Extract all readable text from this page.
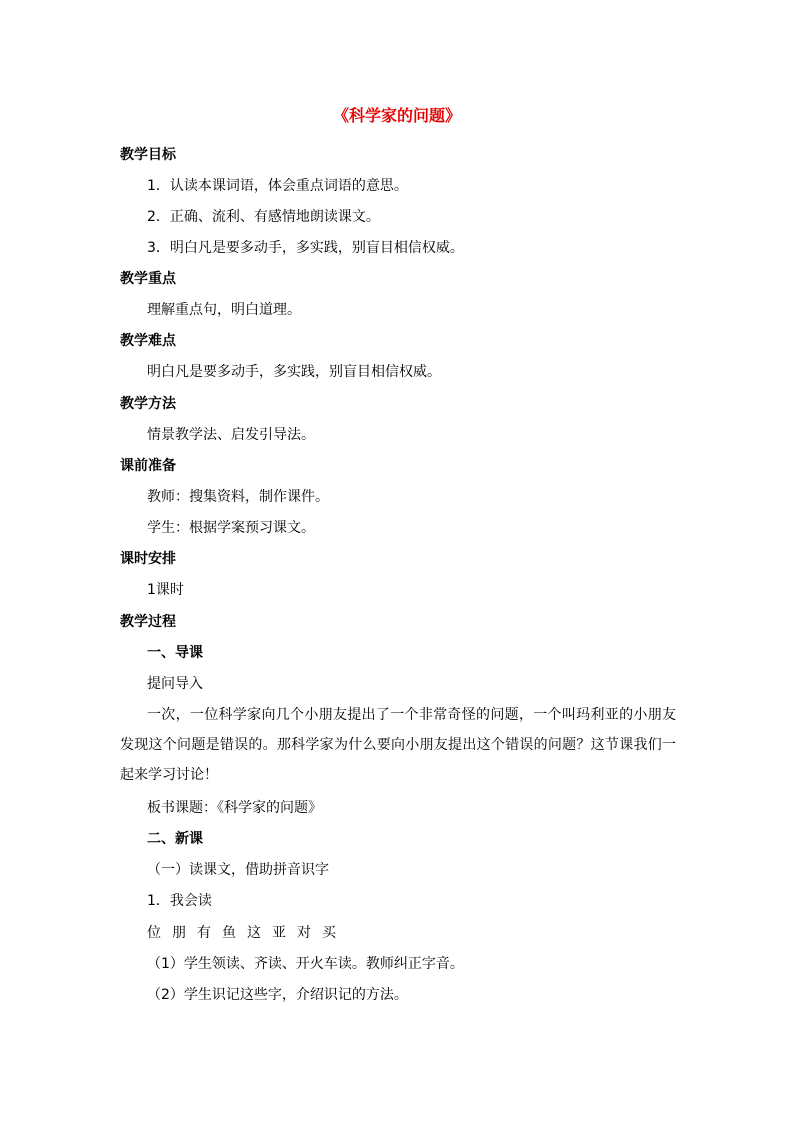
《科学家的问题》

教学目标

1．认读本课词语，体会重点词语的意思。

2．正确、流利、有感情地朗读课文。

3．明白凡是要多动手，多实践，别盲目相信权威。

教学重点

理解重点句，明白道理。

教学难点

明白凡是要多动手，多实践，别盲目相信权威。

教学方法

情景教学法、启发引导法。

课前准备

教师：搜集资料，制作课件。

学生：根据学案预习课文。

课时安排

1课时

教学过程

一、导课

提问导入

一次，一位科学家向几个小朋友提出了一个非常奇怪的问题，一个叫玛利亚的小朋友发现这个问题是错误的。那科学家为什么要向小朋友提出这个错误的问题？这节课我们一起来学习讨论！

板书课题：《科学家的问题》

二、新课

（一）读课文，借助拼音识字

1．我会读

位 朋 有 鱼 这 亚 对 买

（1）学生领读、齐读、开火车读。教师纠正字音。

（2）学生识记这些字，介绍识记的方法。
